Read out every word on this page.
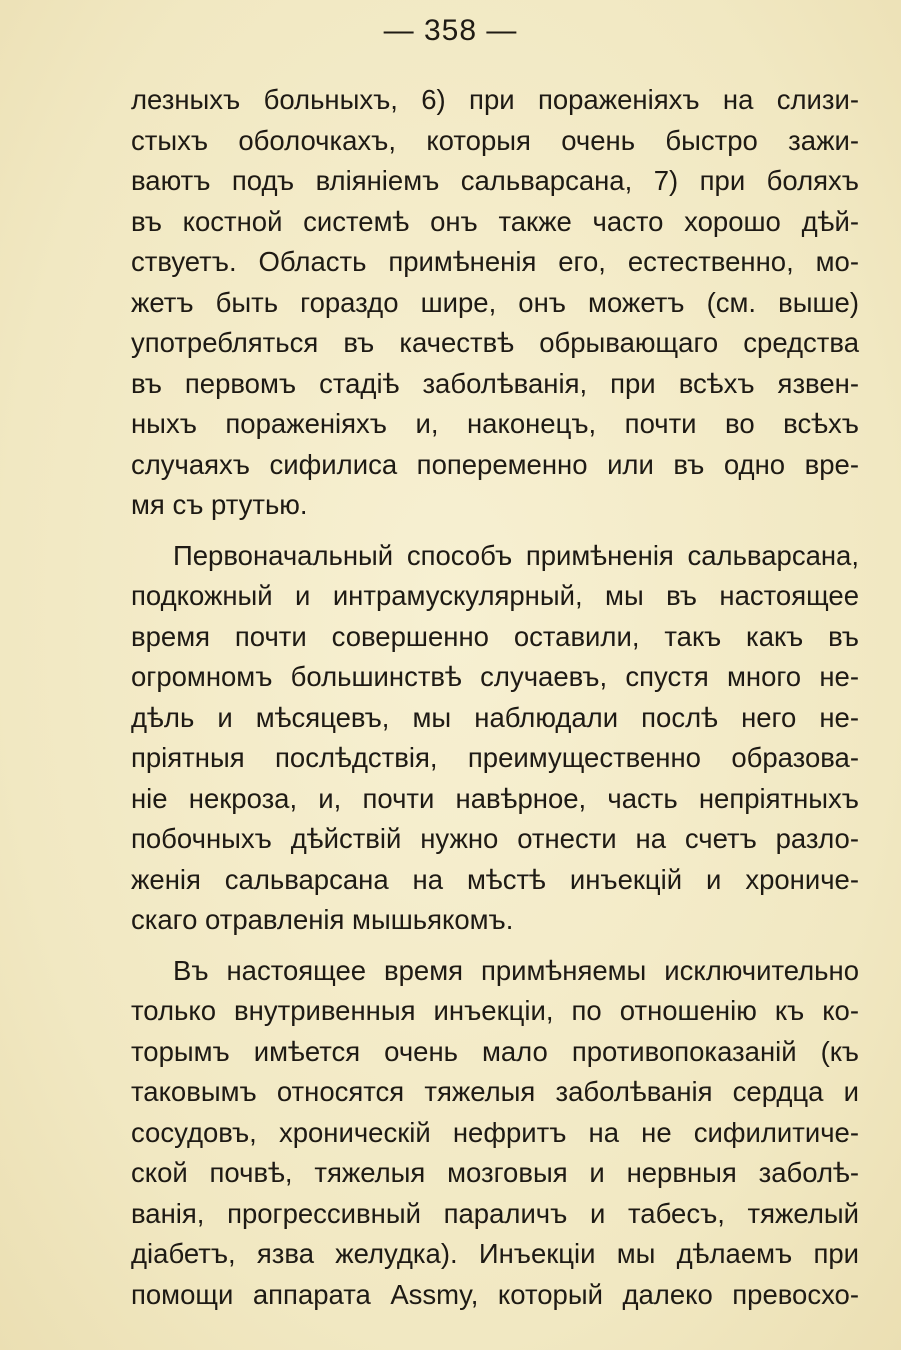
— 358 —
лезныхъ больныхъ, 6) при пораженiяхъ на слизи-
стыхъ оболочкахъ, которыя очень быстро зажи-
ваютъ подъ влiянiемъ сальварсана, 7) при боляхъ
въ костной системѣ онъ также часто хорошо дѣй-
ствуетъ. Область примѣненiя его, естественно, мо-
жетъ быть гораздо шире, онъ можетъ (см. выше)
употребляться въ качествѣ обрывающаго средства
въ первомъ стадiѣ заболѣванiя, при всѣхъ язвен-
ныхъ пораженiяхъ и, наконецъ, почти во всѣхъ
случаяхъ сифилиса попеременно или въ одно вре-
мя съ ртутью.
Первоначальный способъ примѣненiя сальварсана,
подкожный и интрамускулярный, мы въ настоящее
время почти совершенно оставили, такъ какъ въ
огромномъ большинствѣ случаевъ, спустя много не-
дѣль и мѣсяцевъ, мы наблюдали послѣ него не-
прiятныя послѣдствiя, преимущественно образова-
нiе некроза, и, почти навѣрное, часть непрiятныхъ
побочныхъ дѣйствiй нужно отнести на счетъ разло-
женiя сальварсана на мѣстѣ инъекцiй и хрониче-
скаго отравленiя мышьякомъ.
Въ настоящее время примѣняемы исключительно
только внутривенныя инъекцiи, по отношенiю къ ко-
торымъ имѣется очень мало противопоказанiй (къ
таковымъ относятся тяжелыя заболѣванiя сердца и
сосудовъ, хроническiй нефритъ на не сифилитиче-
ской почвѣ, тяжелыя мозговыя и нервныя заболѣ-
ванiя, прогрессивный параличъ и табесъ, тяжелый
дiабетъ, язва желудка). Инъекцiи мы дѣлаемъ при
помощи аппарата Assmy, который далеко превосхо-
